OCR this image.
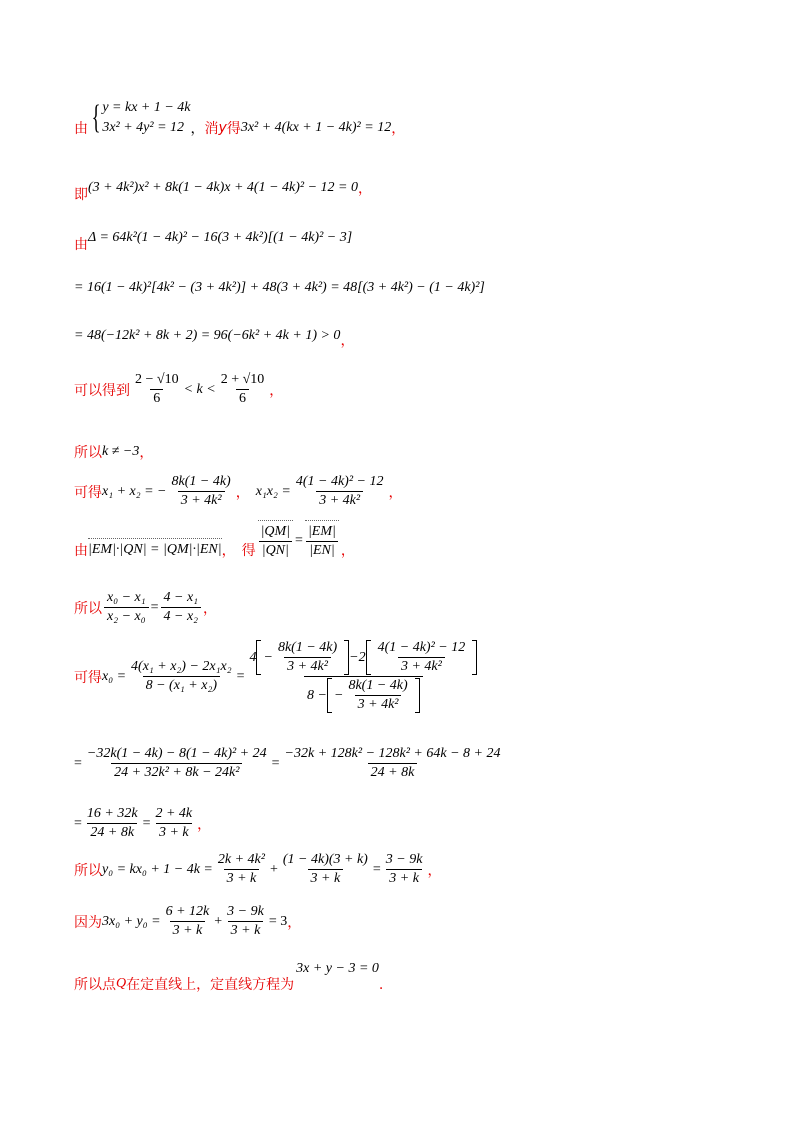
由 { y = kx + 1 − 4k
3x² + 4y² = 12 ， 消 y 得 3x² + 4(kx + 1 − 4k)² = 12 ，
即 (3 + 4k²)x² + 8k(1 − 4k)x + 4(1 − 4k)² − 12 = 0 ，
由 Δ = 64k²(1 − 4k)² − 16(3 + 4k²)[(1 − 4k)² − 3]
= 16(1 − 4k)²[4k² − (3 + 4k²)] + 48(3 + 4k²) = 48[(3 + 4k²) − (1 − 4k)²]
= 48(−12k² + 8k + 2) = 96(−6k² + 4k + 1) > 0 ，
可以得到 $\frac{2 - √10}{6} < k < \frac{2 + √10}{6}$ ，
所以 k ≠ −3 ，
可得 x₁ + x₂ = − $\frac{8k(1 - 4k)}{\text{3 + 4k²}}$ ， $x_1x_2 = \frac{\text{4(1 − 4k)² − 12}}{\text{3 + 4k²}}$ ，
由 |EM|·|QN| = |QM|·|EN| ， 得 $\frac{|QM|}{|QN|} = \frac{|EM|}{|EN|}$ ，
所以 $\frac{\text{x₀ − x₁}}{\text{x₂ − x₀}} = \frac{\text{4 − x₁}}{\text{4 − x₂}}$ ，
可得 $x_0 = \frac{\text{4(x₁ + x₂) − 2x₁x₂}}{\text{8 − (x₁ + x₂)}}$ =
$4 - \frac{8k(1 - 4k)}{\text{3 + 4k²}} -2 \frac{\text{4(1 − 4k)² − 12}}{\text{3 + 4k²}}$
8 − − $\frac{8k(1 - 4k)}{\text{3 + 4k²}}$
= $\frac{\text{−32k(1 − 4k) − 8(1 − 4k)² + 24}}{\text{24 + 32k² + 8k − 24k²}} = \frac{\text{−32k + 128k² − 128k² + 64k − 8 + 24}}{24 + 8k}$
= $\frac{16 + 32k}{24 + 8k} = \frac{2 + 4k}{3 + k}$ ，
所以 $y_0 = kx_0 + 1 - 4k = \frac{\text{2k + 4k²}}{3 + k} + \frac{(1 - 4k)(3 + k)}{3 + k} = \frac{3 - 9k}{3 + k}$ ，
因为 $3x_0 + y_0 = \frac{6 + 12k}{3 + k} + \frac{3 - 9k}{3 + k} = 3$ ，
所以点 Q 在定直线上，定直线方程为
3x + y − 3 = 0
.
